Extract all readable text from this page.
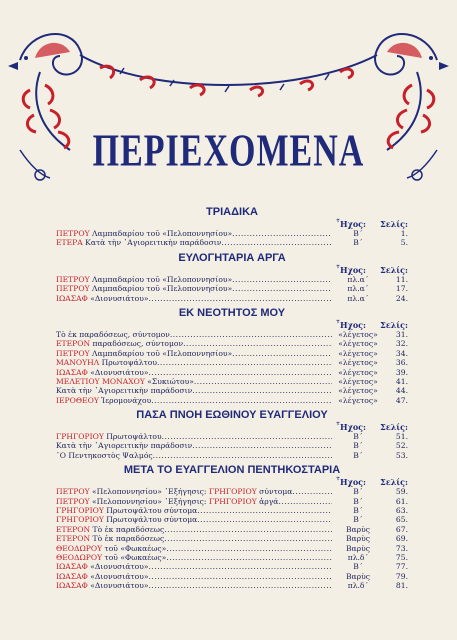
ΠΕΡΙΕΧΟΜΕΝΑ
ΤΡΙΑΔΙΚΑ
῏Ηχος: Σελίς:
ΠΕΤΡΟΥ Λαμπαδαρίου τοῦ «Πελοποννησίου» .....	Β΄	1.
ΕΤΕΡΑ Κατὰ τὴν ᾿Αγιορειτικὴν παράδοσιν .....	Β΄	5.
ΕΥΛΟΓΗΤΑΡΙΑ ΑΡΓΑ
῏Ηχος: Σελίς:
ΠΕΤΡΟΥ Λαμπαδαρίου τοῦ «Πελοποννησίου» .....	πλ.α΄	11.
ΠΕΤΡΟΥ Λαμπαδαρίου τοῦ «Πελοποννησίου» .....	πλ.α΄	17.
ΙΩΑΣΑΦ «Διονυσιάτου» .....	πλ.α΄	24.
ΕΚ ΝΕΟΤΗΤΟΣ ΜΟΥ
῏Ηχος: Σελίς:
Τὸ ἐκ παραδόσεως, σύντομον .....	«λέγετος»	31.
ΕΤΕΡΟΝ παραδόσεως, σύντομον .....	«λέγετος»	32.
ΠΕΤΡΟΥ Λαμπαδαρίου τοῦ «Πελοποννησίου» .....	«λέγετος»	34.
ΜΑΝΟΥΗΛ Πρωτοψάλτου .....	«λέγετος»	36.
ΙΩΑΣΑΦ «Διονυσιάτου» .....	«λέγετος»	39.
ΜΕΛΕΤΙΟΥ ΜΟΝΑΧΟΥ «Συκιώτου» .....	«λέγετος»	41.
Κατὰ τὴν ᾿Αγιορειτικὴν παράδοσιν .....	«λέγετος»	44.
ΙΕΡΟΘΕΟΥ Ἱερομονάχου .....	«λέγετος»	47.
ΠΑΣΑ ΠΝΟΗ ΕΩΘΙΝΟΥ ΕΥΑΓΓΕΛΙΟΥ
῏Ηχος: Σελίς:
ΓΡΗΓΟΡΙΟΥ Πρωτοψάλτου .....	Β΄	51.
Κατὰ τὴν ᾿Αγιορειτικὴν παράδοσιν .....	Β΄	52.
῾Ο Πεντηκοστὸς Ψαλμός .....	Β΄	53.
ΜΕΤΑ ΤΟ ΕΥΑΓΓΕΛΙΟΝ ΠΕΝΤΗΚΟΣΤΑΡΙΑ
῏Ηχος: Σελίς:
ΠΕΤΡΟΥ «Πελοποννησίου» ᾿Εξήγησις: ΓΡΗΓΟΡΙΟΥ σύντομα .....	Β΄	59.
ΠΕΤΡΟΥ «Πελοποννησίου» ᾿Εξήγησις: ΓΡΗΓΟΡΙΟΥ ἀργά .....	Β΄	61.
ΓΡΗΓΟΡΙΟΥ Πρωτοψάλτου σύντομα .....	Β΄	63.
ΓΡΗΓΟΡΙΟΥ Πρωτοψάλτου σύντομα .....	Β΄	65.
ΕΤΕΡΟΝ Τὸ ἐκ παραδόσεως .....	Βαρὺς	67.
ΕΤΕΡΟΝ Τὸ ἐκ παραδόσεως .....	Βαρὺς	69.
ΘΕΟΔΩΡΟΥ τοῦ «Φωκαέως» .....	Βαρὺς	73.
ΘΕΟΔΩΡΟΥ τοῦ «Φωκαέως» .....	πλ.δ΄	75.
ΙΩΑΣΑΦ «Διονυσιάτου» .....	Β΄	77.
ΙΩΑΣΑΦ «Διονυσιάτου» .....	Βαρὺς	79.
ΙΩΑΣΑΦ «Διονυσιάτου» .....	πλ.δ΄	81.
